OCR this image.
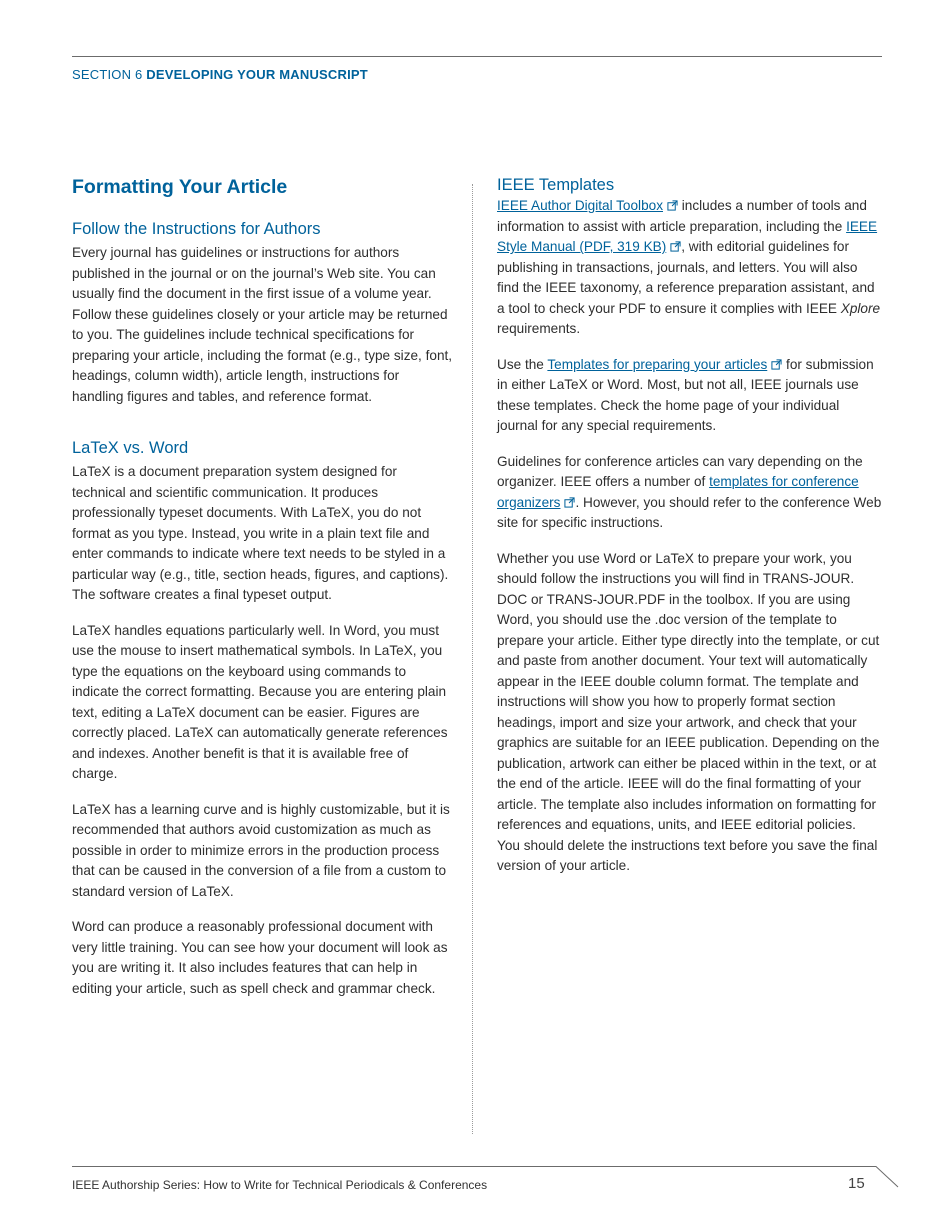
SECTION 6 DEVELOPING YOUR MANUSCRIPT
Formatting Your Article
Follow the Instructions for Authors

Every journal has guidelines or instructions for authors published in the journal or on the journal’s Web site. You can usually find the document in the first issue of a volume year. Follow these guidelines closely or your article may be returned to you. The guidelines include technical specifications for preparing your article, including the format (e.g., type size, font, headings, column width), article length, instructions for handling figures and tables, and reference format.

LaTeX vs. Word

LaTeX is a document preparation system designed for technical and scientific communication. It produces professionally typeset documents. With LaTeX, you do not format as you type. Instead, you write in a plain text file and enter commands to indicate where text needs to be styled in a particular way (e.g., title, section heads, figures, and captions). The software creates a final typeset output.

LaTeX handles equations particularly well. In Word, you must use the mouse to insert mathematical symbols. In LaTeX, you type the equations on the keyboard using commands to indicate the correct formatting. Because you are entering plain text, editing a LaTeX document can be easier. Figures are correctly placed. LaTeX can automatically generate references and indexes. Another benefit is that it is available free of charge.

LaTeX has a learning curve and is highly customizable, but it is recommended that authors avoid customization as much as possible in order to minimize errors in the production process that can be caused in the conversion of a file from a custom to standard version of LaTeX.

Word can produce a reasonably professional document with very little training. You can see how your document will look as you are writing it. It also includes features that can help in editing your article, such as spell check and grammar check.

IEEE Templates

IEEE Author Digital Toolbox includes a number of tools and information to assist with article preparation, including the IEEE Style Manual (PDF, 319 KB) , with editorial guidelines for publishing in transactions, journals, and letters. You will also find the IEEE taxonomy, a reference preparation assistant, and a tool to check your PDF to ensure it complies with IEEE Xplore requirements.

Use the Templates for preparing your articles for submission in either LaTeX or Word. Most, but not all, IEEE journals use these templates. Check the home page of your individual journal for any special requirements.

Guidelines for conference articles can vary depending on the organizer. IEEE offers a number of templates for conference organizers . However, you should refer to the conference Web site for specific instructions.

Whether you use Word or LaTeX to prepare your work, you should follow the instructions you will find in TRANS-JOUR. DOC or TRANS-JOUR.PDF in the toolbox. If you are using Word, you should use the .doc version of the template to prepare your article. Either type directly into the template, or cut and paste from another document. Your text will automatically appear in the IEEE double column format. The template and instructions will show you how to properly format section headings, import and size your artwork, and check that your graphics are suitable for an IEEE publication. Depending on the publication, artwork can either be placed within in the text, or at the end of the article. IEEE will do the final formatting of your article. The template also includes information on formatting for references and equations, units, and IEEE editorial policies. You should delete the instructions text before you save the final version of your article.

IEEE Authorship Series: How to Write for Technical Periodicals & Conferences	15
